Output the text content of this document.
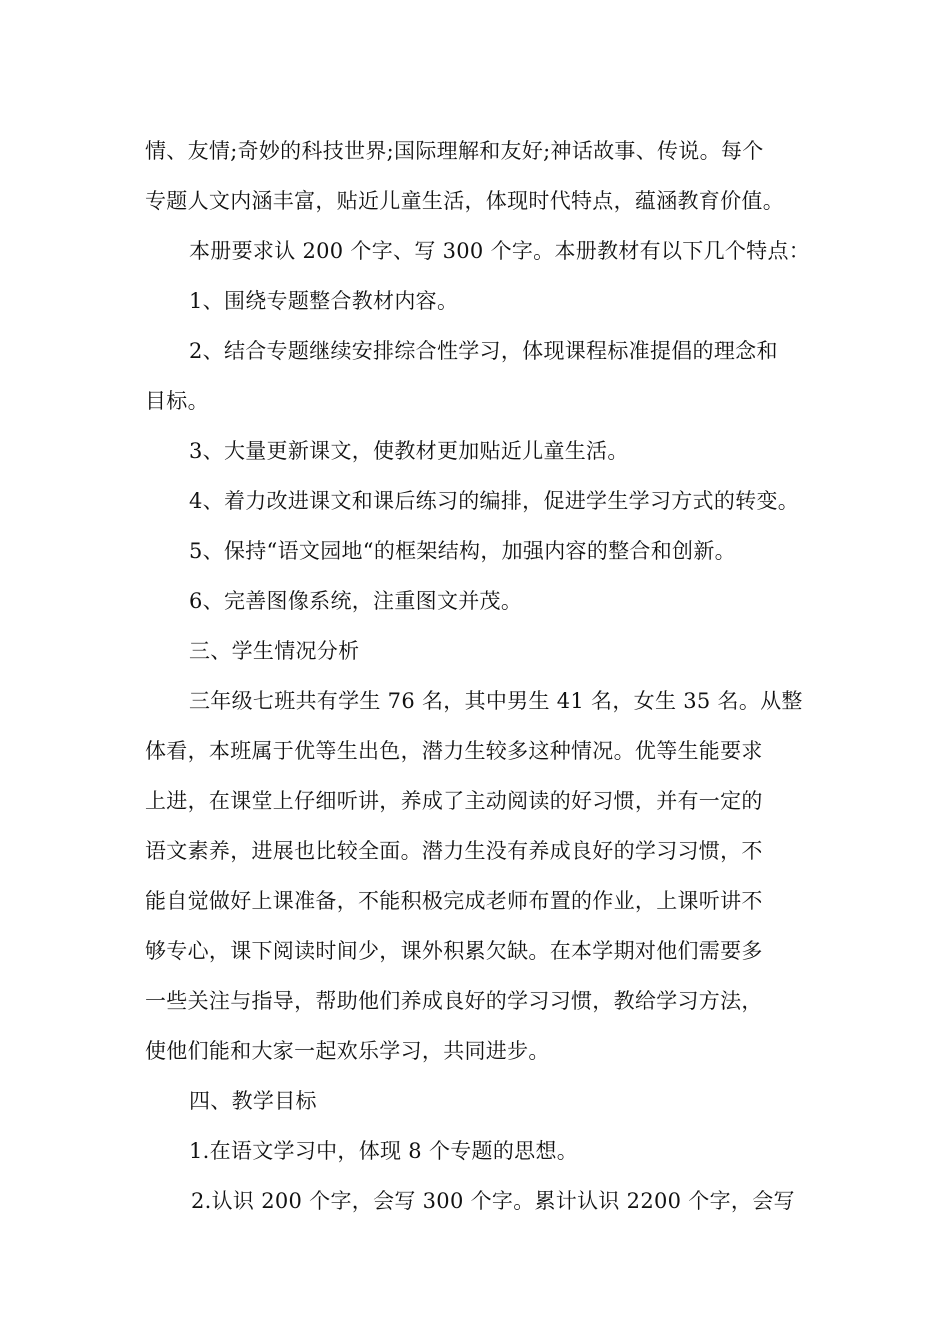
情、友情;奇妙的科技世界;国际理解和友好;神话故事、传说。每个
专题人文内涵丰富，贴近儿童生活，体现时代特点，蕴涵教育价值。
本册要求认 200 个字、写 300 个字。本册教材有以下几个特点：
1、围绕专题整合教材内容。
2、结合专题继续安排综合性学习，体现课程标准提倡的理念和
目标。
3、大量更新课文，使教材更加贴近儿童生活。
4、着力改进课文和课后练习的编排，促进学生学习方式的转变。
5、保持“语文园地“的框架结构，加强内容的整合和创新。
6、完善图像系统，注重图文并茂。
三、学生情况分析
三年级七班共有学生 76 名，其中男生 41 名，女生 35 名。从整
体看，本班属于优等生出色，潜力生较多这种情况。优等生能要求
上进，在课堂上仔细听讲，养成了主动阅读的好习惯，并有一定的
语文素养，进展也比较全面。潜力生没有养成良好的学习习惯，不
能自觉做好上课准备，不能积极完成老师布置的作业，上课听讲不
够专心，课下阅读时间少，课外积累欠缺。在本学期对他们需要多
一些关注与指导，帮助他们养成良好的学习习惯，教给学习方法，
使他们能和大家一起欢乐学习，共同进步。
四、教学目标
1.在语文学习中，体现 8 个专题的思想。
2.认识 200 个字，会写 300 个字。累计认识 2200 个字，会写
